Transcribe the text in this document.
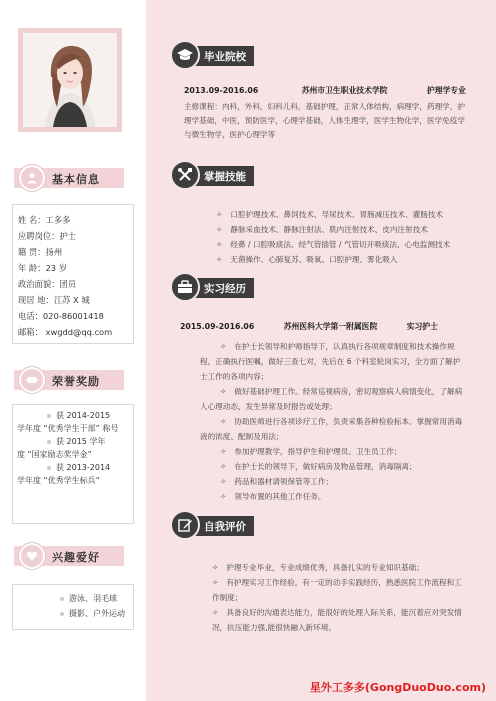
基本信息
姓 名：工多多
应聘岗位：护士
籍 贯：扬州
年 龄：23 岁
政治面貌：团员
现居 地：江苏 X 城
电话：020-86001418
邮箱： xwgdd@qq.com
荣誉奖励
获 2014-2015
学年度 “优秀学生干部” 称号
获 2015 学年
度 “国家励志奖学金”
获 2013-2014
学年度 “优秀学生标兵”
兴趣爱好
游泳、羽毛球
摄影、户外运动
毕业院校
2013.09-2016.06	苏州市卫生职业技术学院	护理学专业
主修课程：内科，外科，妇科儿科，基础护理，正常人体结构，病理学，药理学，护理学基础，中医，预防医学，心理学基础，人体生理学，医学生物化学，医学免疫学与微生物学，医护心理学等
掌握技能
✧ 口腔护理技术、鼻饲技术、导尿技术、胃肠减压技术、灌肠技术
✧ 静脉采血技术、静脉注射法、肌内注射技术、皮内注射技术
✧ 经鼻 / 口腔吸痰法、经气管插管 / 气管切开吸痰法、心电监测技术
✧ 无菌操作、心肺复苏、吸氧、口腔护理、雾化吸入
实习经历
2015.09-2016.06	苏州医科大学第一附属医院	实习护士
✧ 在护士长领导和护师指导下，认真执行各项规章制度和技术操作规程，正确执行医嘱，做好三查七对，先后在 6 个科室轮岗实习，全方面了解护士工作的各项内容；
✧ 做好基础护理工作。经常巡视病房，密切观察病人病情变化，了解病人心理动态，发生异常及时报告或处理；
✧ 协助医师进行各项诊疗工作，负责采集各种检验标本。掌握常用消毒液的浓度、配制及用法；
✧ 参加护理教学，指导护生和护理员、卫生员工作；
✧ 在护士长的领导下，做好病房及物品管理，消毒隔离；
✧ 药品和器材请领保管等工作；
✧ 领导布置的其他工作任务。
自我评价
✧ 护理专业毕业，专业成绩优秀，具备扎实的专业知识基础；
✧ 有护理实习工作经验，有一定的动手实践经历，熟悉医院工作流程和工作制度；
✧ 具备良好的沟通表达能力，能很好的处理人际关系，能沉着应对突发情况，抗压能力强,能很快融入新环境。
星外工多多(GongDuoDuo.com)
